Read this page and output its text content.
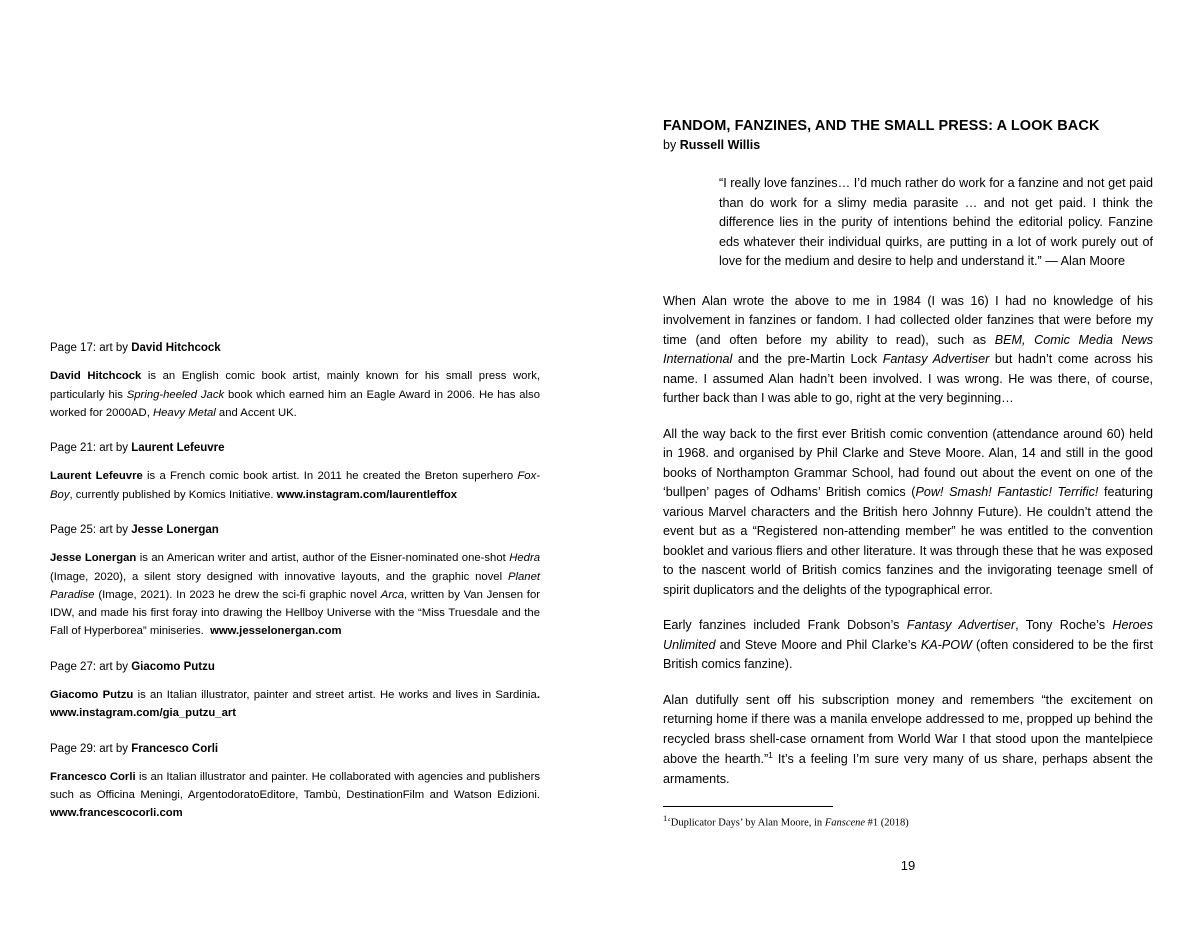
Page 17: art by David Hitchcock
David Hitchcock is an English comic book artist, mainly known for his small press work, particularly his Spring-heeled Jack book which earned him an Eagle Award in 2006. He has also worked for 2000AD, Heavy Metal and Accent UK.
Page 21: art by Laurent Lefeuvre
Laurent Lefeuvre is a French comic book artist. In 2011 he created the Breton superhero Fox-Boy, currently published by Komics Initiative. www.instagram.com/laurentleffox
Page 25: art by Jesse Lonergan
Jesse Lonergan is an American writer and artist, author of the Eisner-nominated one-shot Hedra (Image, 2020), a silent story designed with innovative layouts, and the graphic novel Planet Paradise (Image, 2021). In 2023 he drew the sci-fi graphic novel Arca, written by Van Jensen for IDW, and made his first foray into drawing the Hellboy Universe with the “Miss Truesdale and the Fall of Hyperborea” miniseries.  www.jesselonergan.com
Page 27: art by Giacomo Putzu
Giacomo Putzu is an Italian illustrator, painter and street artist. He works and lives in Sardinia. www.instagram.com/gia_putzu_art
Page 29: art by Francesco Corli
Francesco Corli is an Italian illustrator and painter. He collaborated with agencies and publishers such as Officina Meningi, ArgentodoratoEditore, Tambù, DestinationFilm and Watson Edizioni. www.francescocorli.com
FANDOM, FANZINES, AND THE SMALL PRESS: A LOOK BACK
by Russell Willis
“I really love fanzines… I’d much rather do work for a fanzine and not get paid than do work for a slimy media parasite … and not get paid. I think the difference lies in the purity of intentions behind the editorial policy. Fanzine eds whatever their individual quirks, are putting in a lot of work purely out of love for the medium and desire to help and understand it.” — Alan Moore

When Alan wrote the above to me in 1984 (I was 16) I had no knowledge of his involvement in fanzines or fandom. I had collected older fanzines that were before my time (and often before my ability to read), such as BEM, Comic Media News International and the pre-Martin Lock Fantasy Advertiser but hadn’t come across his name. I assumed Alan hadn’t been involved. I was wrong. He was there, of course, further back than I was able to go, right at the very beginning…

All the way back to the first ever British comic convention (attendance around 60) held in 1968. and organised by Phil Clarke and Steve Moore. Alan, 14 and still in the good books of Northampton Grammar School, had found out about the event on one of the ‘bullpen’ pages of Odhams’ British comics (Pow! Smash! Fantastic! Terrific! featuring various Marvel characters and the British hero Johnny Future). He couldn’t attend the event but as a “Registered non-attending member” he was entitled to the convention booklet and various fliers and other literature. It was through these that he was exposed to the nascent world of British comics fanzines and the invigorating teenage smell of spirit duplicators and the delights of the typographical error.

Early fanzines included Frank Dobson’s Fantasy Advertiser, Tony Roche’s Heroes Unlimited and Steve Moore and Phil Clarke’s KA-POW (often considered to be the first British comics fanzine).

Alan dutifully sent off his subscription money and remembers “the excitement on returning home if there was a manila envelope addressed to me, propped up behind the recycled brass shell-case ornament from World War I that stood upon the mantelpiece above the hearth.”$^1$ It’s a feeling I’m sure very many of us share, perhaps absent the armaments.

$^1$‘Duplicator Days’ by Alan Moore, in Fanscene #1 (2018)
19
